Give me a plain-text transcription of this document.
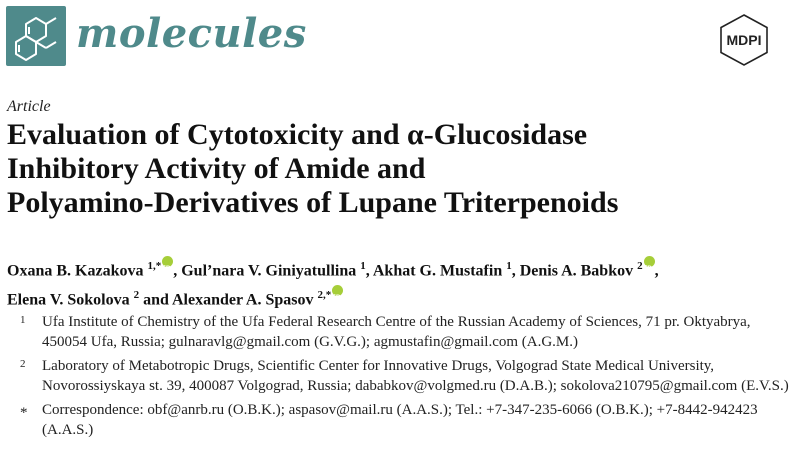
molecules	MDPI
Article
Evaluation of Cytotoxicity and α-Glucosidase
Inhibitory Activity of Amide and
Polyamino-Derivatives of Lupane Triterpenoids
Oxana B. Kazakova $^{1,*}$iD , Gul’nara V. Giniyatullina $^1$, Akhat G. Mustafin $^1$, Denis A. Babkov $^2$iD ,
Elena V. Sokolova $^2$ and Alexander A. Spasov $^{2,*}$iD
1 Ufa Institute of Chemistry of the Ufa Federal Research Centre of the Russian Academy of Sciences, 71 pr. Oktyabrya, 450054 Ufa, Russia; gulnaravlg@gmail.com (G.V.G.); agmustafin@gmail.com (A.G.M.)
2 Laboratory of Metabotropic Drugs, Scientific Center for Innovative Drugs, Volgograd State Medical University, Novorossiyskaya st. 39, 400087 Volgograd, Russia; dababkov@volgmed.ru (D.A.B.); sokolova210795@gmail.com (E.V.S.)
* Correspondence: obf@anrb.ru (O.B.K.); aspasov@mail.ru (A.A.S.); Tel.: +7-347-235-6066 (O.B.K.); +7-8442-942423 (A.A.S.)
